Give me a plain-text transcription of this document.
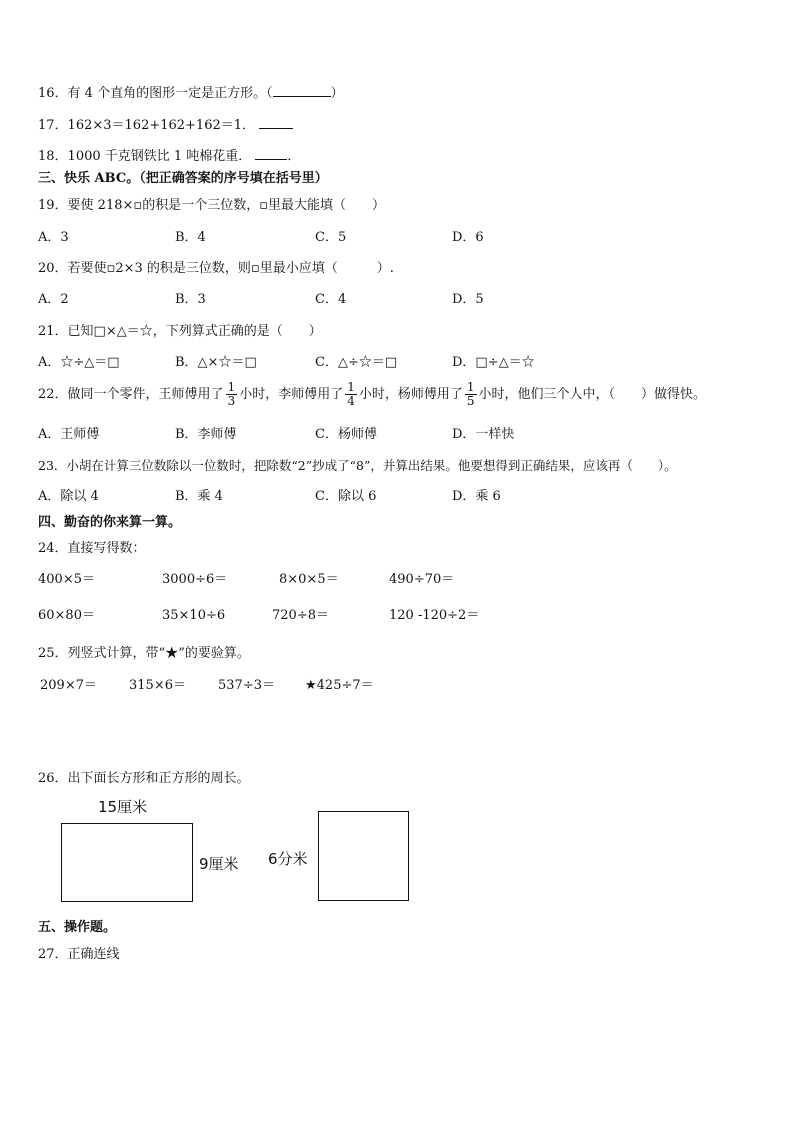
16．有 4 个直角的图形一定是正方形。（	）
17．162×3＝162+162+162＝1．
18．1000 千克钢铁比 1 吨棉花重．	．
三、快乐 ABC。（把正确答案的序号填在括号里）
19．要使 218×▫的积是一个三位数，▫里最大能填（　　）
A．3	B．4	C．5	D．6
20．若要使▫2×3 的积是三位数，则▫里最小应填（　　　）.
A．2	B．3	C．4	D．5
21．已知□×△＝☆，下列算式正确的是（　　）
A．☆÷△＝□	B．△×☆＝□	C．△÷☆＝□	D．□÷△＝☆
22．做同一个零件，王师傅用了 $\frac{1}{3}$ 小时，李师傅用了 $\frac{1}{4}$ 小时，杨师傅用了 $\frac{1}{5}$ 小时，他们三个人中，（　　）做得快。
A．王师傅	B．李师傅	C．杨师傅	D．一样快
23．小胡在计算三位数除以一位数时，把除数“2”抄成了“8”，并算出结果。他要想得到正确结果，应该再（　　）。
A．除以 4	B．乘 4	C．除以 6	D．乘 6
四、勤奋的你来算一算。
24．直接写得数：
400×5＝	3000÷6＝	8×0×5＝	490÷70＝
60×80＝	35×10÷6	720÷8＝	120 -120÷2＝
25．列竖式计算，带“★”的要验算。
209×7＝ 315×6＝ 537÷3＝ ★425÷7＝
26．出下面长方形和正方形的周长。
15厘米
9厘米 6分米
五、操作题。
27．正确连线
